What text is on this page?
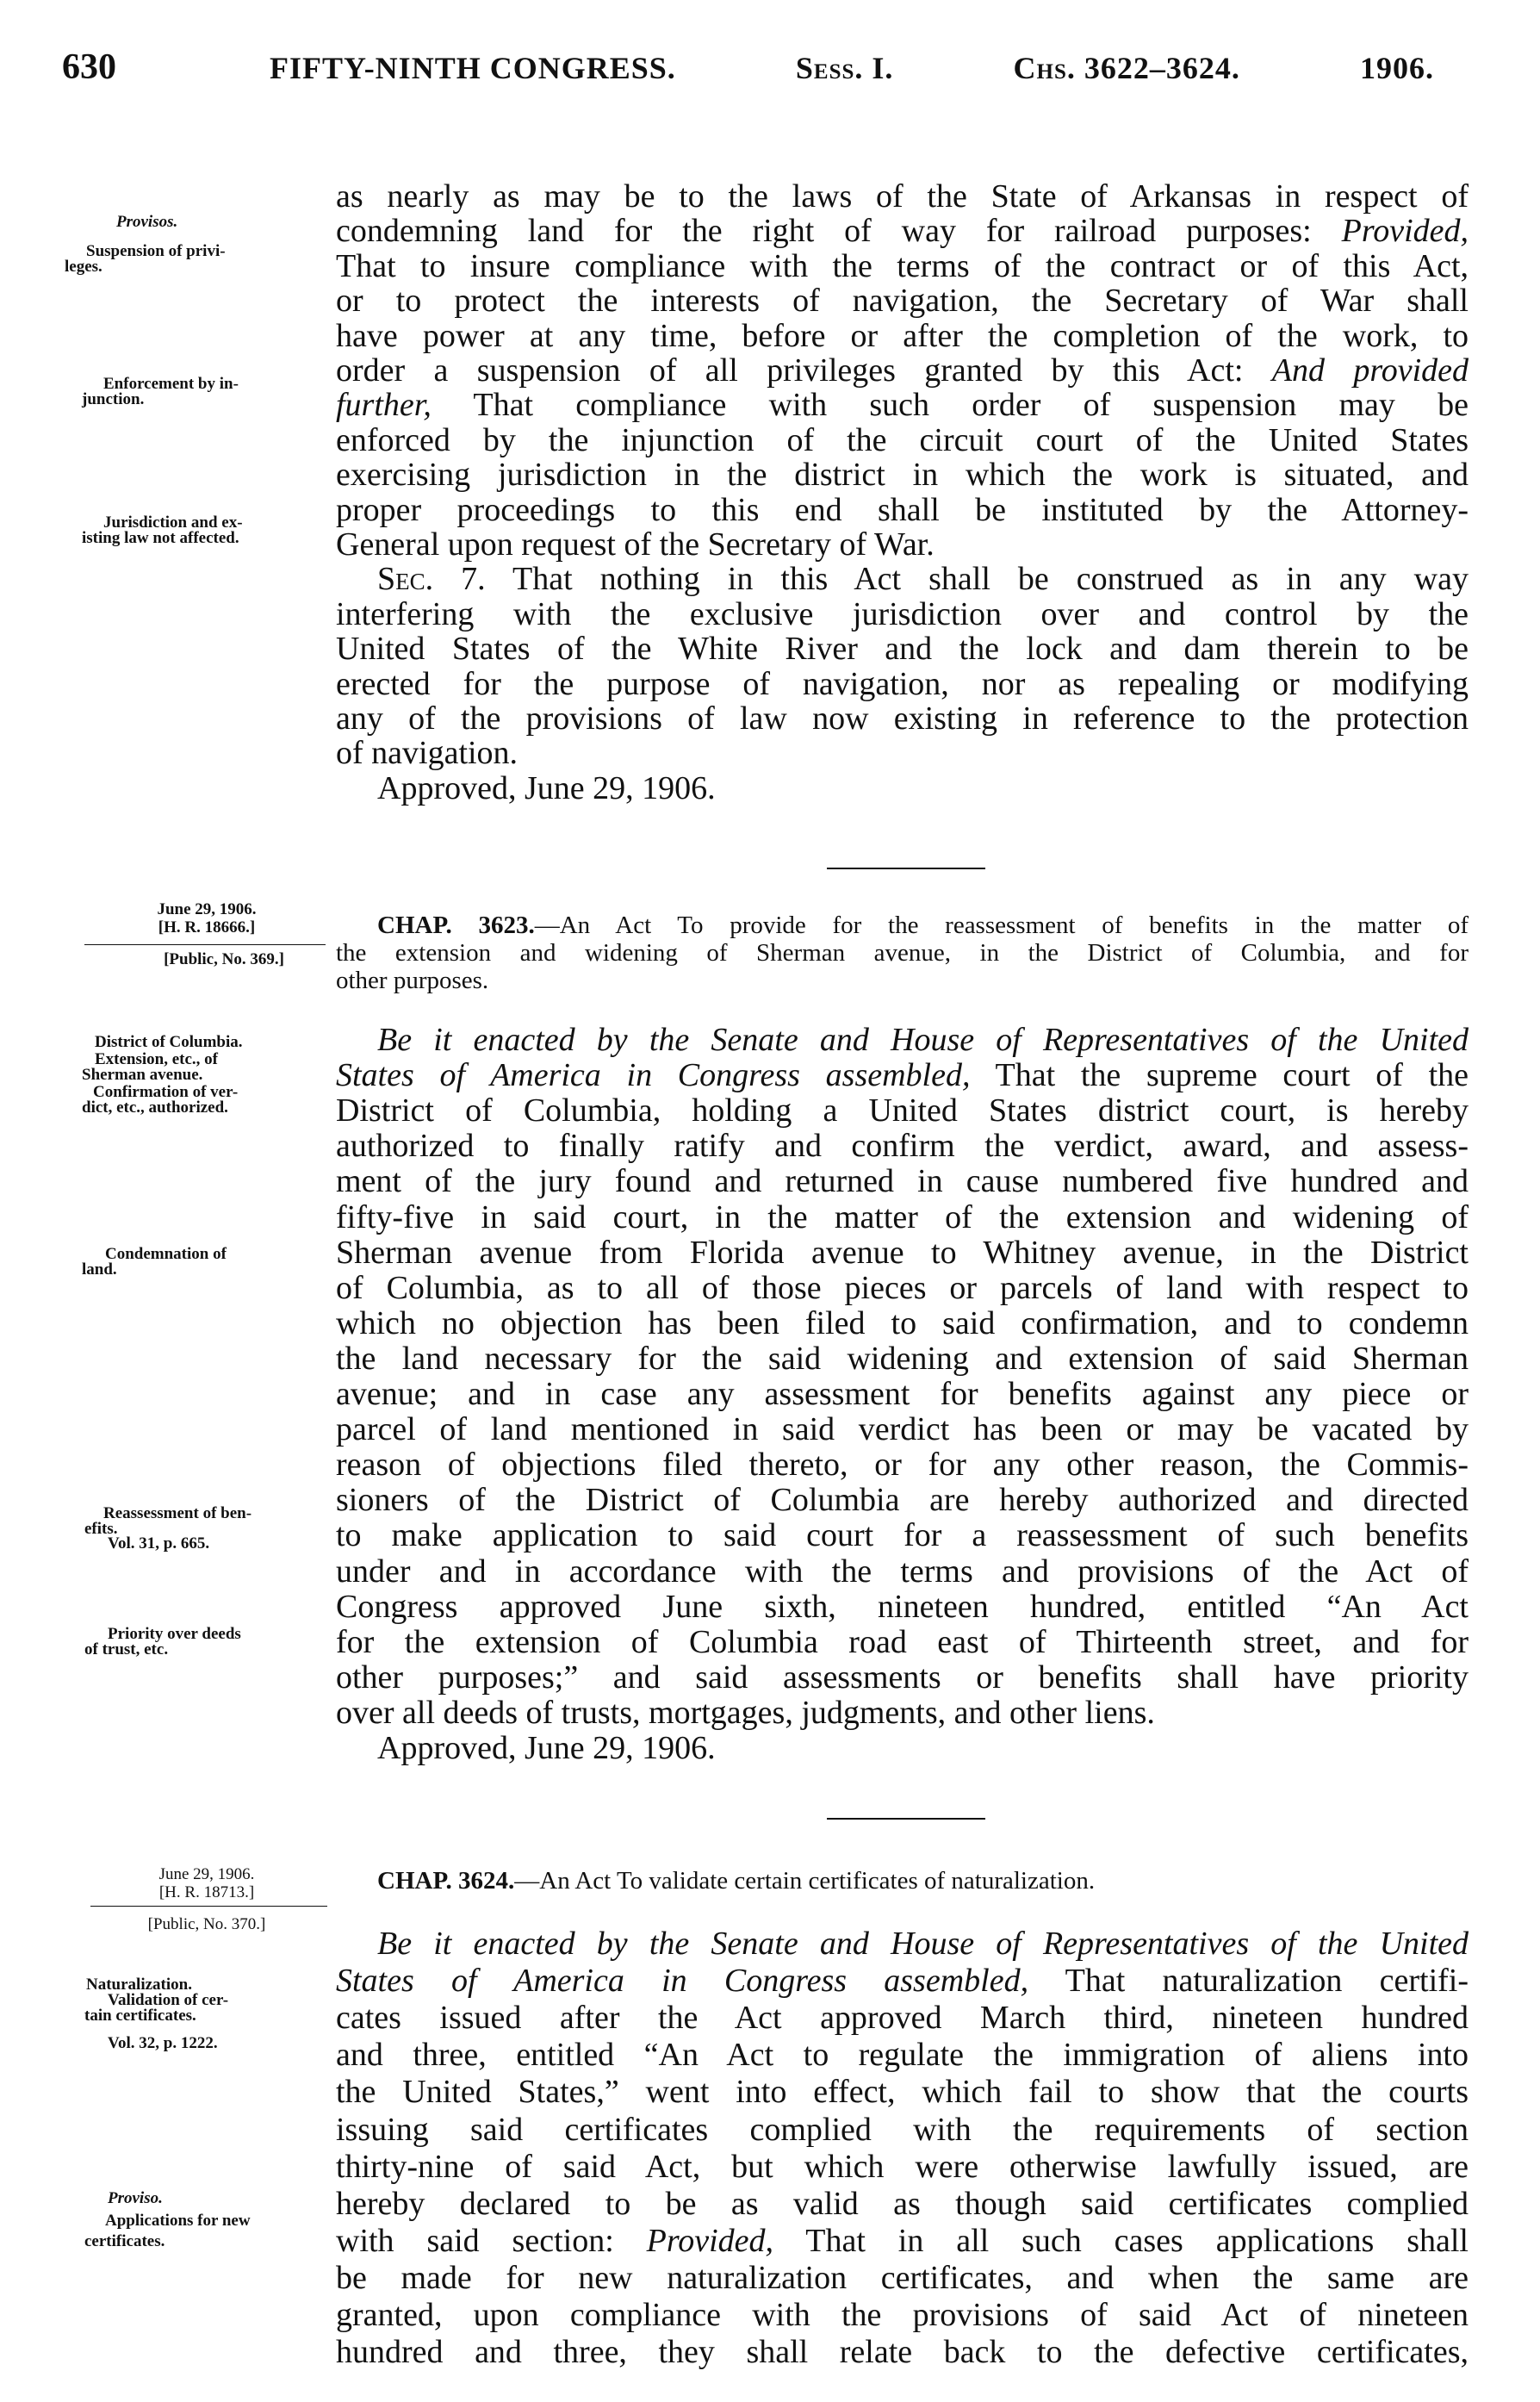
630	FIFTY-NINTH CONGRESS.	Sess. I.	Chs. 3622–3624.	1906.
as nearly as may be to the laws of the State of Arkansas in respect of
condemning land for the right of way for railroad purposes: Provided,
That to insure compliance with the terms of the contract or of this Act,
or to protect the interests of navigation, the Secretary of War shall
have power at any time, before or after the completion of the work, to
order a suspension of all privileges granted by this Act: And provided
further, That compliance with such order of suspension may be
enforced by the injunction of the circuit court of the United States
exercising jurisdiction in the district in which the work is situated, and
proper proceedings to this end shall be instituted by the Attorney-
General upon request of the Secretary of War.
Sec. 7. That nothing in this Act shall be construed as in any way
interfering with the exclusive jurisdiction over and control by the
United States of the White River and the lock and dam therein to be
erected for the purpose of navigation, nor as repealing or modifying
any of the provisions of law now existing in reference to the protection
of navigation.
Approved, June 29, 1906.
Be it enacted by the Senate and House of Representatives of the United
States of America in Congress assembled, That the supreme court of the
District of Columbia, holding a United States district court, is hereby
authorized to finally ratify and confirm the verdict, award, and assess-
ment of the jury found and returned in cause numbered five hundred and
fifty-five in said court, in the matter of the extension and widening of
Sherman avenue from Florida avenue to Whitney avenue, in the District
of Columbia, as to all of those pieces or parcels of land with respect to
which no objection has been filed to said confirmation, and to condemn
the land necessary for the said widening and extension of said Sherman
avenue; and in case any assessment for benefits against any piece or
parcel of land mentioned in said verdict has been or may be vacated by
reason of objections filed thereto, or for any other reason, the Commis-
sioners of the District of Columbia are hereby authorized and directed
to make application to said court for a reassessment of such benefits
under and in accordance with the terms and provisions of the Act of
Congress approved June sixth, nineteen hundred, entitled “An Act
for the extension of Columbia road east of Thirteenth street, and for
other purposes;” and said assessments or benefits shall have priority
over all deeds of trusts, mortgages, judgments, and other liens.
Approved, June 29, 1906.
Be it enacted by the Senate and House of Representatives of the United
States of America in Congress assembled, That naturalization certifi-
cates issued after the Act approved March third, nineteen hundred
and three, entitled “An Act to regulate the immigration of aliens into
the United States,” went into effect, which fail to show that the courts
issuing said certificates complied with the requirements of section
thirty-nine of said Act, but which were otherwise lawfully issued, are
hereby declared to be as valid as though said certificates complied
with said section: Provided, That in all such cases applications shall
be made for new naturalization certificates, and when the same are
granted, upon compliance with the provisions of said Act of nineteen
hundred and three, they shall relate back to the defective certificates,
CHAP. 3623.—An Act To provide for the reassessment of benefits in the matter of
the extension and widening of Sherman avenue, in the District of Columbia, and for
other purposes.
CHAP. 3624.—An Act To validate certain certificates of naturalization.
June 29, 1906.
[H. R. 18666.]
[Public, No. 369.]
June 29, 1906.
[H. R. 18713.]
[Public, No. 370.]
Provisos.
Suspension of privi-
leges.
Enforcement by in-
junction.
Jurisdiction and ex-
isting law not affected.
District of Columbia.
Extension, etc., of
Sherman avenue.
Confirmation of ver-
dict, etc., authorized.
Condemnation of
land.
Reassessment of ben-
efits.
Vol. 31, p. 665.
Priority over deeds
of trust, etc.
Naturalization.
Validation of cer-
tain certificates.
Vol. 32, p. 1222.
Proviso.
Applications for new
certificates.
